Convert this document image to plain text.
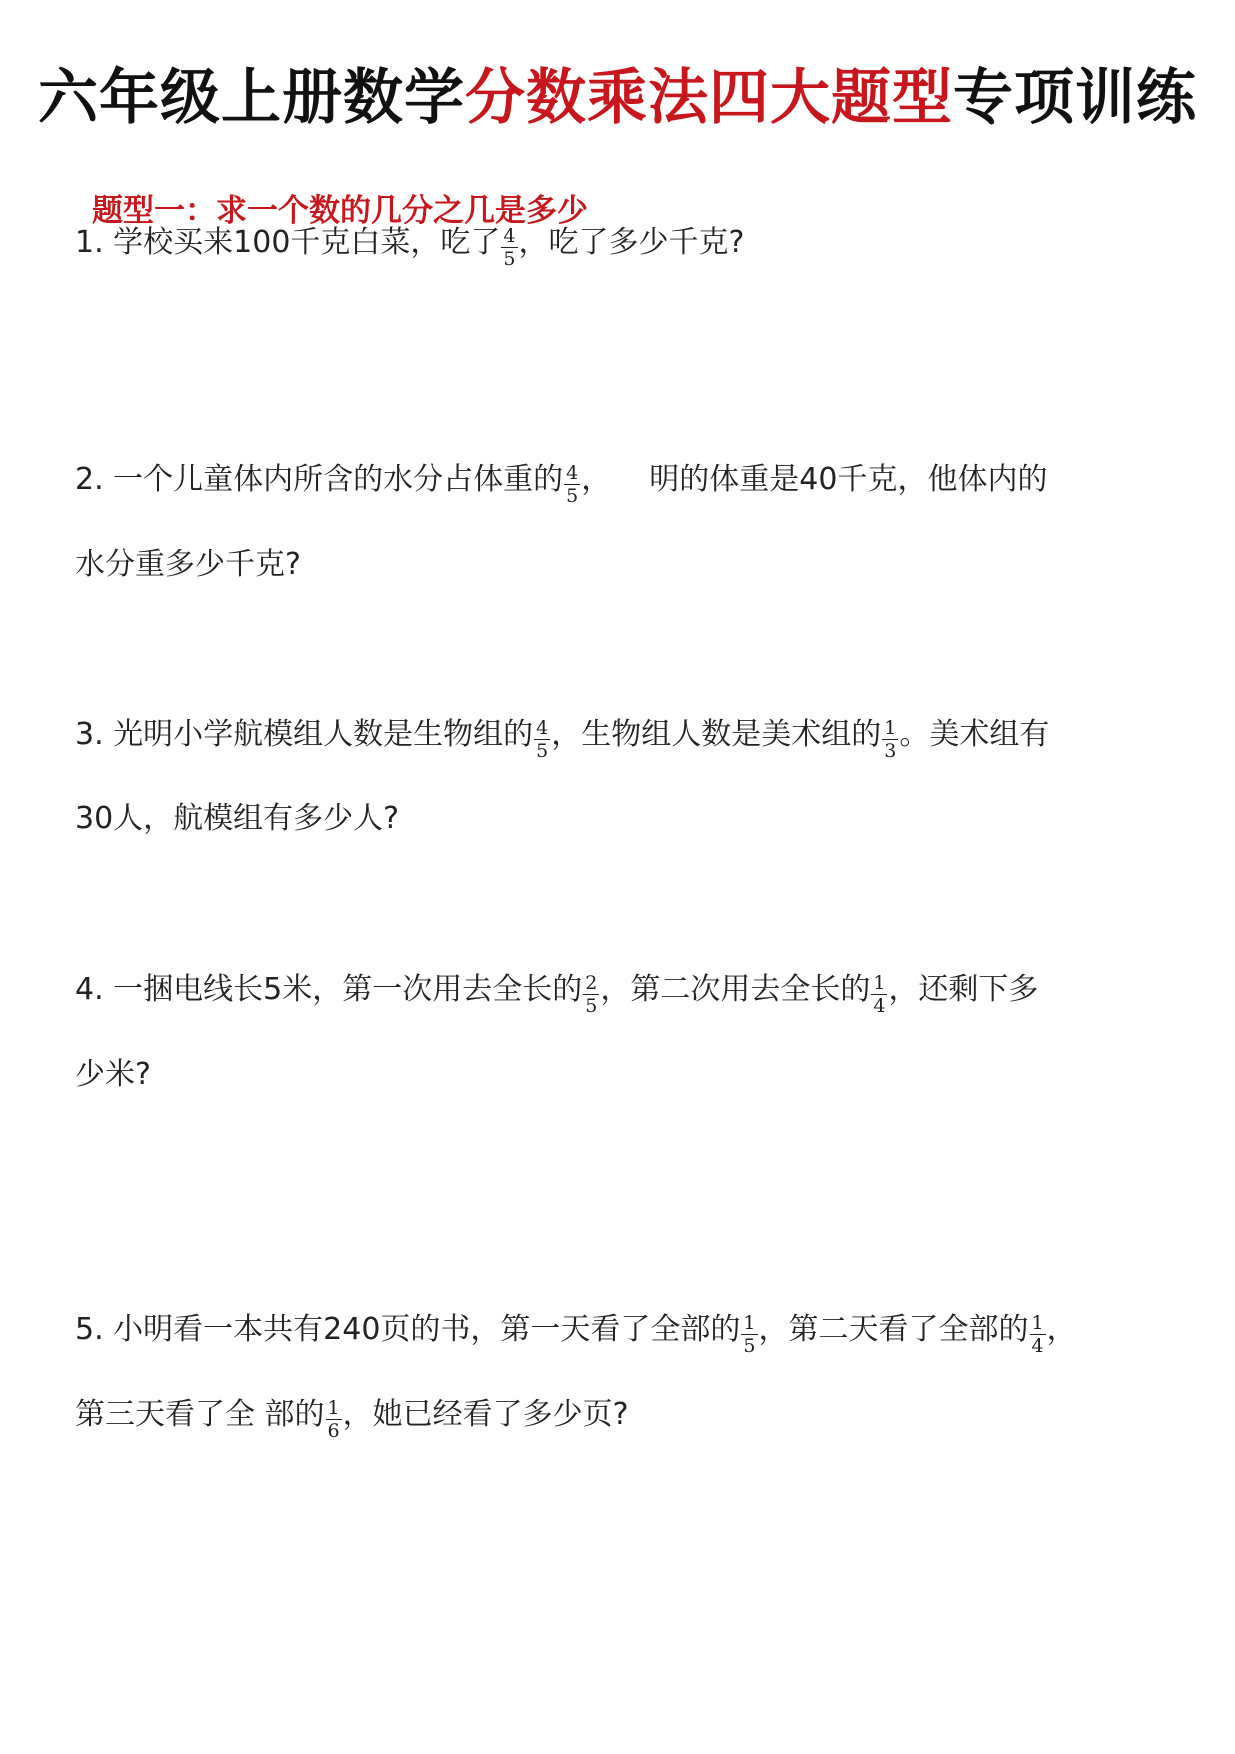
六年级上册数学分数乘法四大题型专项训练
题型一：求一个数的几分之几是多少
1. 学校买来100千克白菜，吃了 $\frac{4}{5}$ ，吃了多少千克?
2. 一个儿童体内所含的水分占体重的 $\frac{4}{5}$ ， 明的体重是40千克，他体内的
水分重多少千克?
3. 光明小学航模组人数是生物组的 $\frac{4}{5}$ ，生物组人数是美术组的 $\frac{1}{3}$ 。美术组有
30人，航模组有多少人?
4. 一捆电线长5米，第一次用去全长的 $\frac{2}{5}$ ，第二次用去全长的 $\frac{1}{4}$ ，还剩下多
少米?
5. 小明看一本共有240页的书，第一天看了全部的 $\frac{1}{5}$ ，第二天看了全部的 $\frac{1}{4}$ ，
第三天看了全 部的 $\frac{1}{6}$ ，她已经看了多少页?
